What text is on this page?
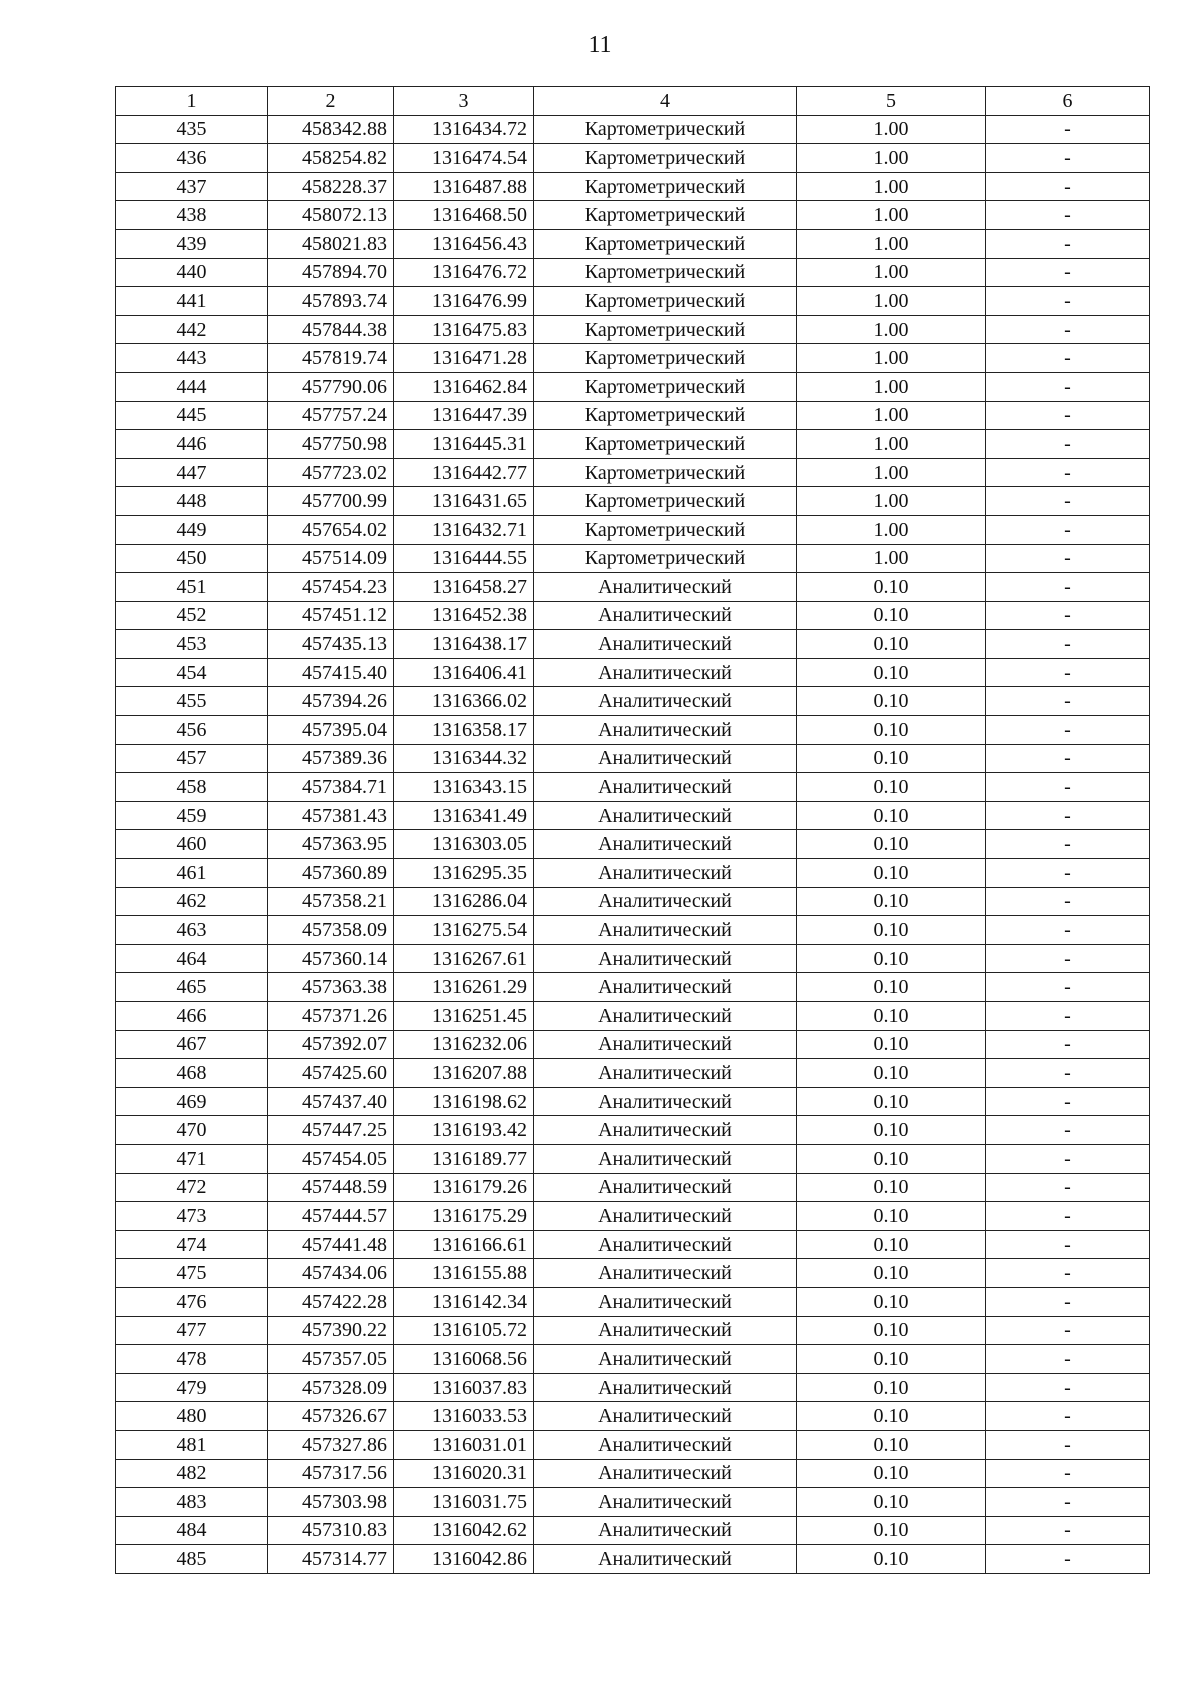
11
1	2	3	4	5	6
435	458342.88	1316434.72	Картометрический	1.00	-
436	458254.82	1316474.54	Картометрический	1.00	-
437	458228.37	1316487.88	Картометрический	1.00	-
438	458072.13	1316468.50	Картометрический	1.00	-
439	458021.83	1316456.43	Картометрический	1.00	-
440	457894.70	1316476.72	Картометрический	1.00	-
441	457893.74	1316476.99	Картометрический	1.00	-
442	457844.38	1316475.83	Картометрический	1.00	-
443	457819.74	1316471.28	Картометрический	1.00	-
444	457790.06	1316462.84	Картометрический	1.00	-
445	457757.24	1316447.39	Картометрический	1.00	-
446	457750.98	1316445.31	Картометрический	1.00	-
447	457723.02	1316442.77	Картометрический	1.00	-
448	457700.99	1316431.65	Картометрический	1.00	-
449	457654.02	1316432.71	Картометрический	1.00	-
450	457514.09	1316444.55	Картометрический	1.00	-
451	457454.23	1316458.27	Аналитический	0.10	-
452	457451.12	1316452.38	Аналитический	0.10	-
453	457435.13	1316438.17	Аналитический	0.10	-
454	457415.40	1316406.41	Аналитический	0.10	-
455	457394.26	1316366.02	Аналитический	0.10	-
456	457395.04	1316358.17	Аналитический	0.10	-
457	457389.36	1316344.32	Аналитический	0.10	-
458	457384.71	1316343.15	Аналитический	0.10	-
459	457381.43	1316341.49	Аналитический	0.10	-
460	457363.95	1316303.05	Аналитический	0.10	-
461	457360.89	1316295.35	Аналитический	0.10	-
462	457358.21	1316286.04	Аналитический	0.10	-
463	457358.09	1316275.54	Аналитический	0.10	-
464	457360.14	1316267.61	Аналитический	0.10	-
465	457363.38	1316261.29	Аналитический	0.10	-
466	457371.26	1316251.45	Аналитический	0.10	-
467	457392.07	1316232.06	Аналитический	0.10	-
468	457425.60	1316207.88	Аналитический	0.10	-
469	457437.40	1316198.62	Аналитический	0.10	-
470	457447.25	1316193.42	Аналитический	0.10	-
471	457454.05	1316189.77	Аналитический	0.10	-
472	457448.59	1316179.26	Аналитический	0.10	-
473	457444.57	1316175.29	Аналитический	0.10	-
474	457441.48	1316166.61	Аналитический	0.10	-
475	457434.06	1316155.88	Аналитический	0.10	-
476	457422.28	1316142.34	Аналитический	0.10	-
477	457390.22	1316105.72	Аналитический	0.10	-
478	457357.05	1316068.56	Аналитический	0.10	-
479	457328.09	1316037.83	Аналитический	0.10	-
480	457326.67	1316033.53	Аналитический	0.10	-
481	457327.86	1316031.01	Аналитический	0.10	-
482	457317.56	1316020.31	Аналитический	0.10	-
483	457303.98	1316031.75	Аналитический	0.10	-
484	457310.83	1316042.62	Аналитический	0.10	-
485	457314.77	1316042.86	Аналитический	0.10	-
